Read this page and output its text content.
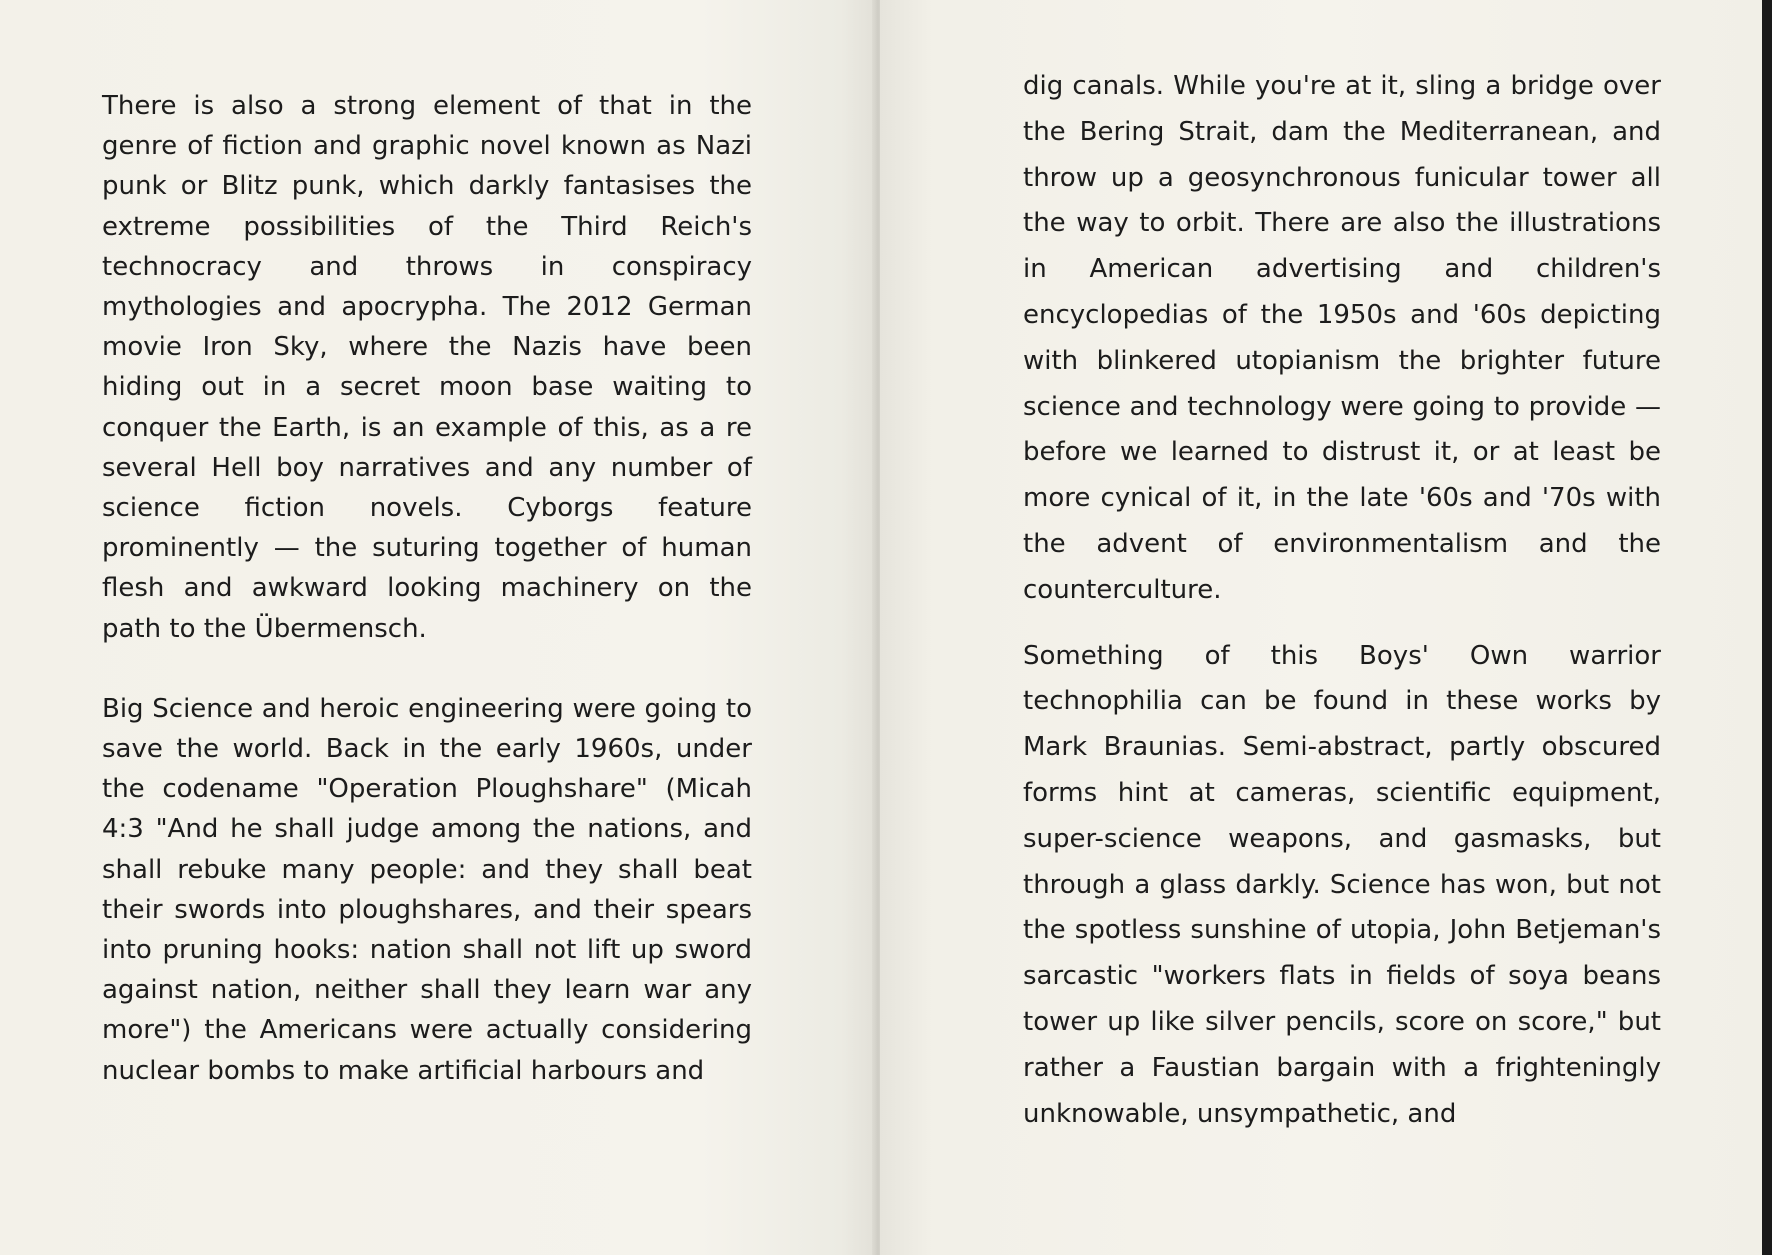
There is also a strong element of that in the genre of fiction and graphic novel known as Nazi punk or Blitz punk, which darkly fantasises the extreme possibilities of the Third Reich's technocracy and throws in conspiracy mythologies and apocrypha. The 2012 German movie Iron Sky, where the Nazis have been hiding out in a secret moon base waiting to conquer the Earth, is an example of this, as a re several Hell boy narratives and any number of science fiction novels. Cyborgs feature prominently — the suturing together of human flesh and awkward looking machinery on the path to the Übermensch.

Big Science and heroic engineering were going to save the world. Back in the early 1960s, under the codename "Operation Ploughshare" (Micah 4:3 "And he shall judge among the nations, and shall rebuke many people: and they shall beat their swords into ploughshares, and their spears into pruning hooks: nation shall not lift up sword against nation, neither shall they learn war any more") the Americans were actually considering nuclear bombs to make artificial harbours and

dig canals. While you're at it, sling a bridge over the Bering Strait, dam the Mediterranean, and throw up a geosynchronous funicular tower all the way to orbit. There are also the illustrations in American advertising and children's encyclopedias of the 1950s and '60s depicting with blinkered utopianism the brighter future science and technology were going to provide — before we learned to distrust it, or at least be more cynical of it, in the late '60s and '70s with the advent of environmentalism and the counterculture.

Something of this Boys' Own warrior technophilia can be found in these works by Mark Braunias. Semi-abstract, partly obscured forms hint at cameras, scientific equipment, super-science weapons, and gasmasks, but through a glass darkly. Science has won, but not the spotless sunshine of utopia, John Betjeman's sarcastic "workers flats in fields of soya beans tower up like silver pencils, score on score," but rather a Faustian bargain with a frighteningly unknowable, unsympathetic, and
